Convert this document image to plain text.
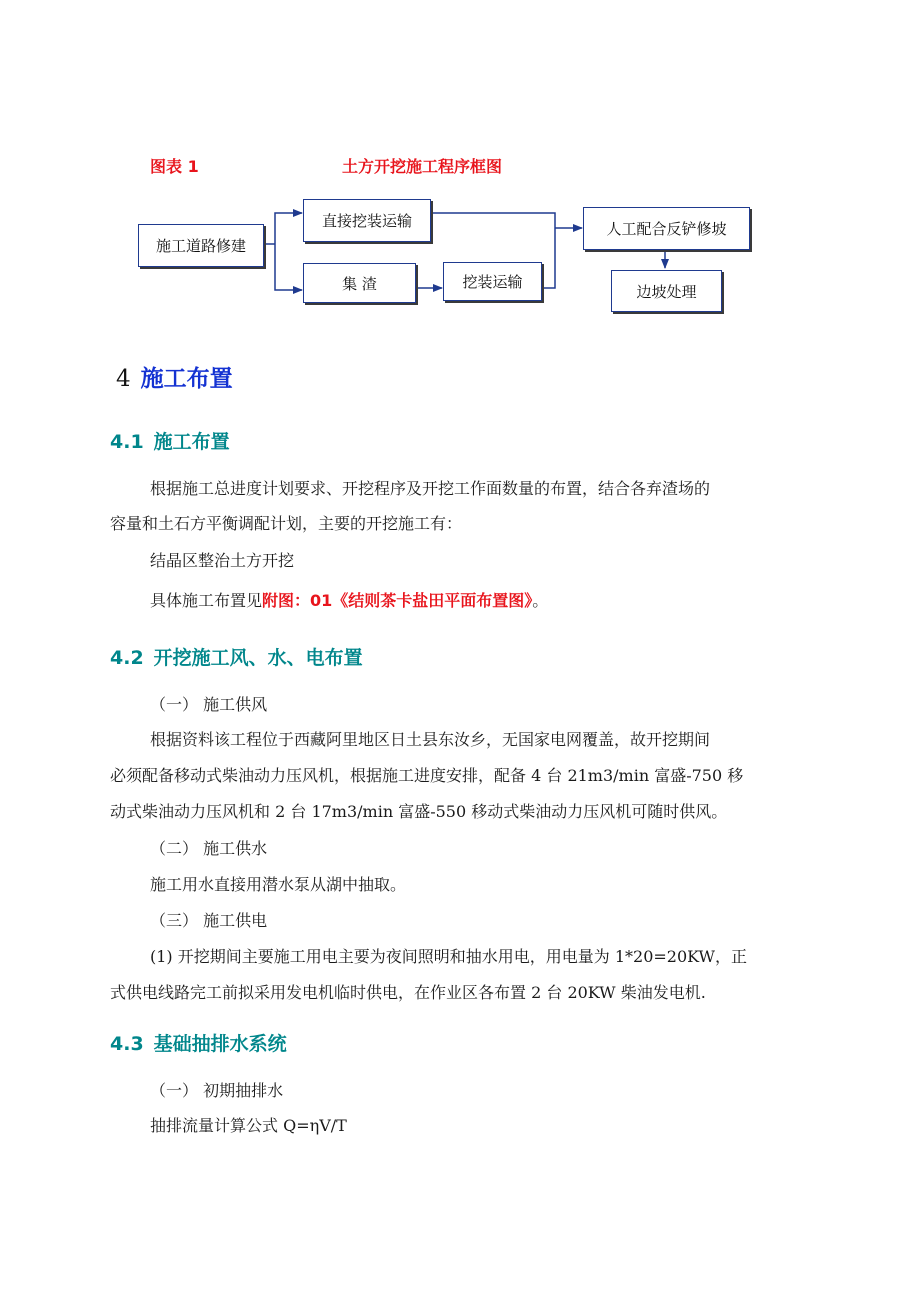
图表 1	土方开挖施工程序框图
施工道路修建
直接挖装运输
集 渣	挖装运输
人工配合反铲修坡
边坡处理
4 施工布置
4.1 施工布置
根据施工总进度计划要求、开挖程序及开挖工作面数量的布置，结合各弃渣场的
容量和土石方平衡调配计划，主要的开挖施工有：
结晶区整治土方开挖
具体施工布置见附图：01《结则茶卡盐田平面布置图》。
4.2 开挖施工风、水、电布置
（一） 施工供风
根据资料该工程位于西藏阿里地区日土县东汝乡，无国家电网覆盖，故开挖期间
必须配备移动式柴油动力压风机，根据施工进度安排，配备 4 台 21m3/min 富盛-750 移
动式柴油动力压风机和 2 台 17m3/min 富盛-550 移动式柴油动力压风机可随时供风。
（二） 施工供水
施工用水直接用潜水泵从湖中抽取。
（三） 施工供电
(1) 开挖期间主要施工用电主要为夜间照明和抽水用电，用电量为 1*20=20KW，正
式供电线路完工前拟采用发电机临时供电，在作业区各布置 2 台 20KW 柴油发电机.
4.3 基础抽排水系统
（一） 初期抽排水
抽排流量计算公式 Q=ηV/T
